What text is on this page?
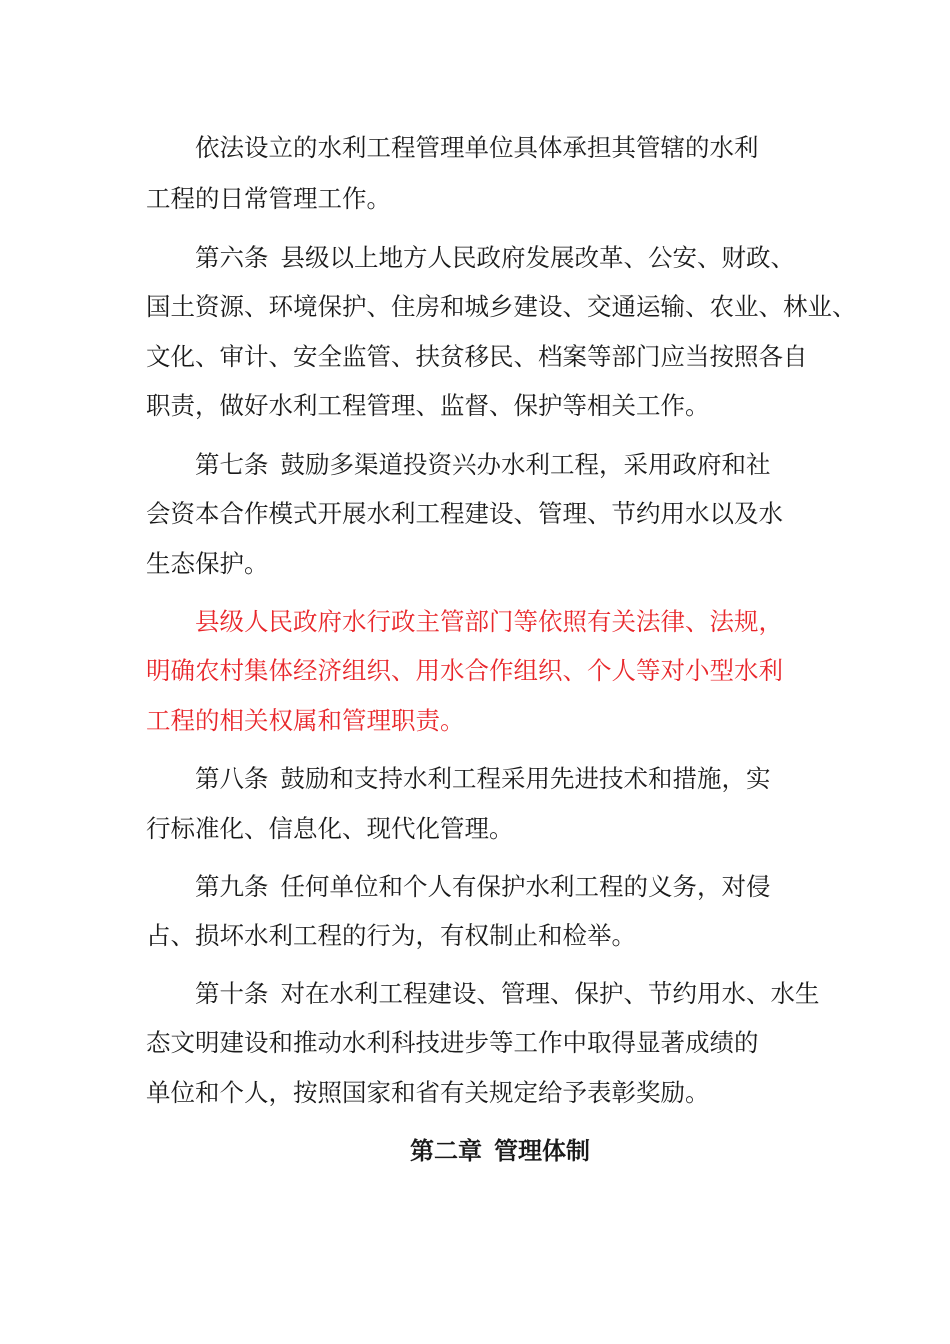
依法设立的水利工程管理单位具体承担其管辖的水利
工程的日常管理工作。
第六条 县级以上地方人民政府发展改革、公安、财政、
国土资源、环境保护、住房和城乡建设、交通运输、农业、林业、
文化、审计、安全监管、扶贫移民、档案等部门应当按照各自
职责，做好水利工程管理、监督、保护等相关工作。
第七条 鼓励多渠道投资兴办水利工程，采用政府和社
会资本合作模式开展水利工程建设、管理、节约用水以及水
生态保护。
县级人民政府水行政主管部门等依照有关法律、法规，
明确农村集体经济组织、用水合作组织、个人等对小型水利
工程的相关权属和管理职责。
第八条 鼓励和支持水利工程采用先进技术和措施，实
行标准化、信息化、现代化管理。
第九条 任何单位和个人有保护水利工程的义务，对侵
占、损坏水利工程的行为，有权制止和检举。
第十条 对在水利工程建设、管理、保护、节约用水、水生
态文明建设和推动水利科技进步等工作中取得显著成绩的
单位和个人，按照国家和省有关规定给予表彰奖励。
第二章 管理体制
